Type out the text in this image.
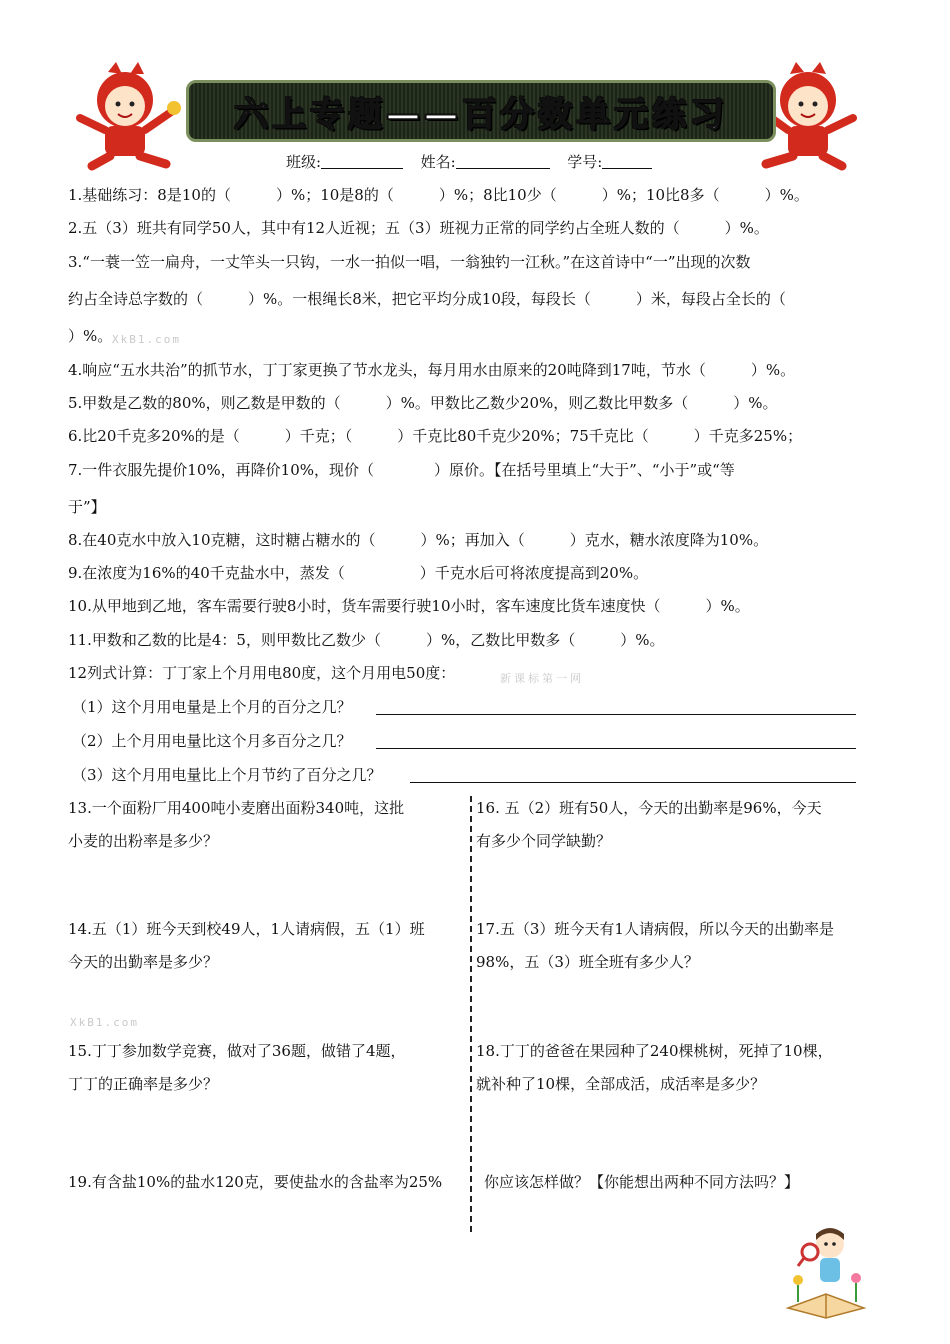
六上专题——百分数单元练习
班级:	姓名:	学号:
1.基础练习：8是10的（　　　）%；10是8的（　　　）%；8比10少（　　　）%；10比8多（　　　）%。
2.五（3）班共有同学50人，其中有12人近视；五（3）班视力正常的同学约占全班人数的（　　　）%。
3.“一蓑一笠一扁舟，一丈竿头一只钩，一水一拍似一唱，一翁独钓一江秋。”在这首诗中“一”出现的次数
约占全诗总字数的（　　　）%。一根绳长8米，把它平均分成10段，每段长（　　　）米，每段占全长的（
）%。 XkB1.com
4.响应“五水共治”的抓节水，丁丁家更换了节水龙头，每月用水由原来的20吨降到17吨，节水（　　　）%。
5.甲数是乙数的80%，则乙数是甲数的（　　　）%。甲数比乙数少20%，则乙数比甲数多（　　　）%。
6.比20千克多20%的是（　　　）千克；（　　　）千克比80千克少20%；75千克比（　　　）千克多25%；
7.一件衣服先提价10%，再降价10%，现价（　　　　）原价。【在括号里填上“大于”、“小于”或“等
于”】
8.在40克水中放入10克糖，这时糖占糖水的（　　　）%；再加入（　　　）克水，糖水浓度降为10%。
9.在浓度为16%的40千克盐水中，蒸发（　　　　　）千克水后可将浓度提高到20%。
10.从甲地到乙地，客车需要行驶8小时，货车需要行驶10小时，客车速度比货车速度快（　　　）%。
11.甲数和乙数的比是4：5，则甲数比乙数少（　　　）%，乙数比甲数多（　　　）%。
12列式计算：丁丁家上个月用电80度，这个月用电50度：	新课标第一网
（1）这个月用电量是上个月的百分之几？
（2）上个月用电量比这个月多百分之几？
（3）这个月用电量比上个月节约了百分之几？
13.一个面粉厂用400吨小麦磨出面粉340吨，这批
小麦的出粉率是多少？
16. 五（2）班有50人，今天的出勤率是96%，今天
有多少个同学缺勤？
14.五（1）班今天到校49人，1人请病假，五（1）班
今天的出勤率是多少？
17.五（3）班今天有1人请病假，所以今天的出勤率是
98%，五（3）班全班有多少人？
XkB1.com
15.丁丁参加数学竞赛，做对了36题，做错了4题，
丁丁的正确率是多少？
18.丁丁的爸爸在果园种了240棵桃树，死掉了10棵，
就补种了10棵，全部成活，成活率是多少？
19.有含盐10%的盐水120克，要使盐水的含盐率为25%	你应该怎样做？【你能想出两种不同方法吗？】
